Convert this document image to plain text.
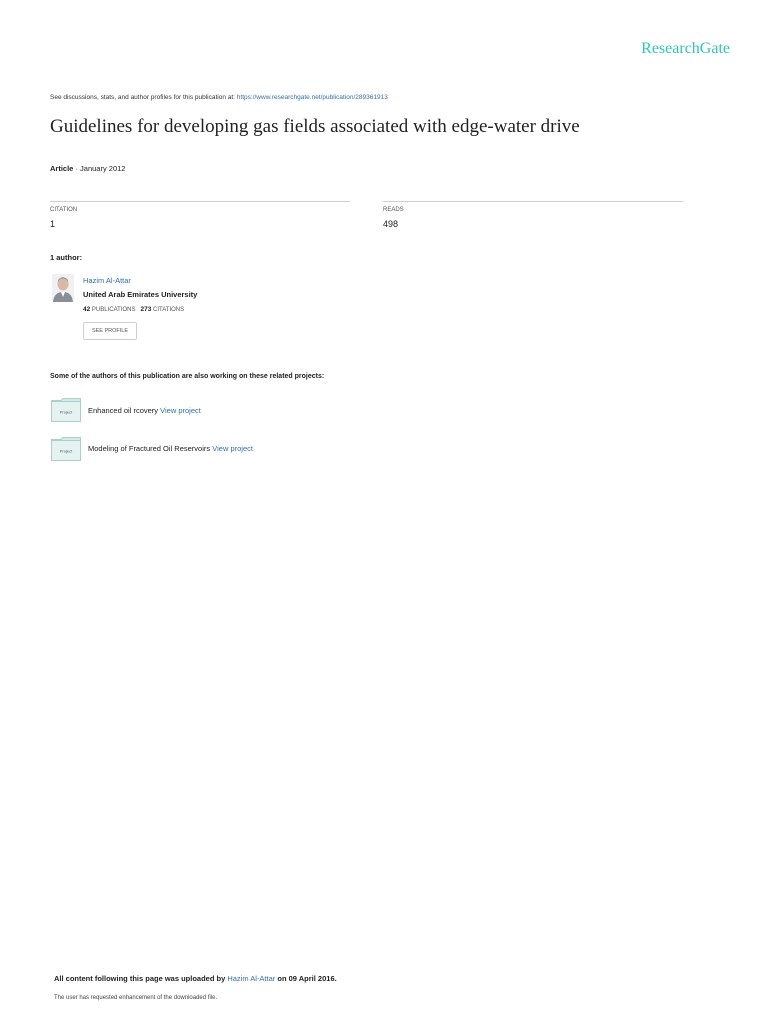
ResearchGate
See discussions, stats, and author profiles for this publication at: https://www.researchgate.net/publication/289361913
Guidelines for developing gas fields associated with edge-water drive
Article · January 2012
CITATION
1
READS
498
1 author:
Hazim Al-Attar
United Arab Emirates University
42 PUBLICATIONS 273 CITATIONS
SEE PROFILE
Some of the authors of this publication are also working on these related projects:
Project Enhanced oil rcovery View project
Project Modeling of Fractured Oil Reservoirs View project
All content following this page was uploaded by Hazim Al-Attar on 09 April 2016.
The user has requested enhancement of the downloaded file.
